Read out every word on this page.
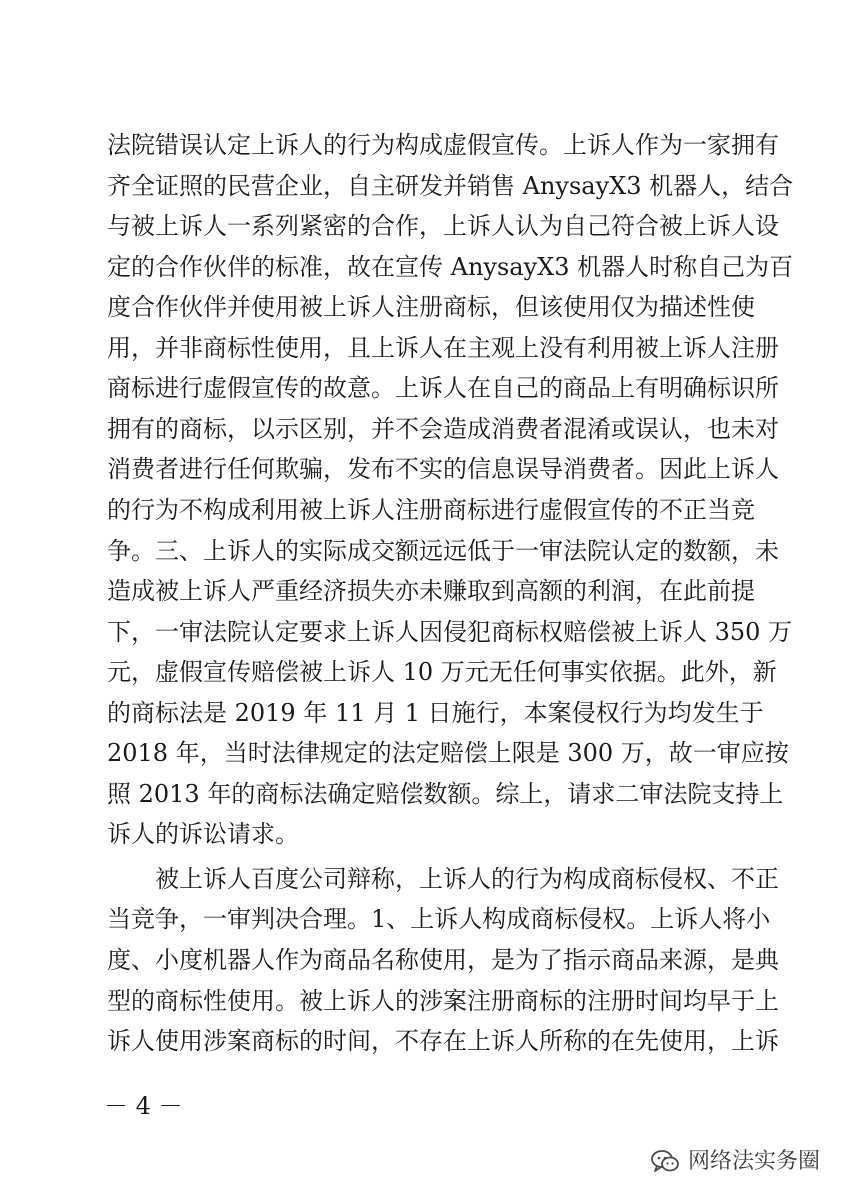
法院错误认定上诉人的行为构成虚假宣传。上诉人作为一家拥有
齐全证照的民营企业，自主研发并销售 AnysayX3 机器人，结合
与被上诉人一系列紧密的合作，上诉人认为自己符合被上诉人设
定的合作伙伴的标准，故在宣传 AnysayX3 机器人时称自己为百
度合作伙伴并使用被上诉人注册商标，但该使用仅为描述性使
用，并非商标性使用，且上诉人在主观上没有利用被上诉人注册
商标进行虚假宣传的故意。上诉人在自己的商品上有明确标识所
拥有的商标，以示区别，并不会造成消费者混淆或误认，也未对
消费者进行任何欺骗，发布不实的信息误导消费者。因此上诉人
的行为不构成利用被上诉人注册商标进行虚假宣传的不正当竞
争。三、上诉人的实际成交额远远低于一审法院认定的数额，未
造成被上诉人严重经济损失亦未赚取到高额的利润，在此前提
下，一审法院认定要求上诉人因侵犯商标权赔偿被上诉人 350 万
元，虚假宣传赔偿被上诉人 10 万元无任何事实依据。此外，新
的商标法是 2019 年 11 月 1 日施行，本案侵权行为均发生于
2018 年，当时法律规定的法定赔偿上限是 300 万，故一审应按
照 2013 年的商标法确定赔偿数额。综上，请求二审法院支持上
诉人的诉讼请求。
被上诉人百度公司辩称，上诉人的行为构成商标侵权、不正
当竞争，一审判决合理。1、上诉人构成商标侵权。上诉人将小
度、小度机器人作为商品名称使用，是为了指示商品来源，是典
型的商标性使用。被上诉人的涉案注册商标的注册时间均早于上
诉人使用涉案商标的时间，不存在上诉人所称的在先使用，上诉
－ 4 －
网络法实务圈
